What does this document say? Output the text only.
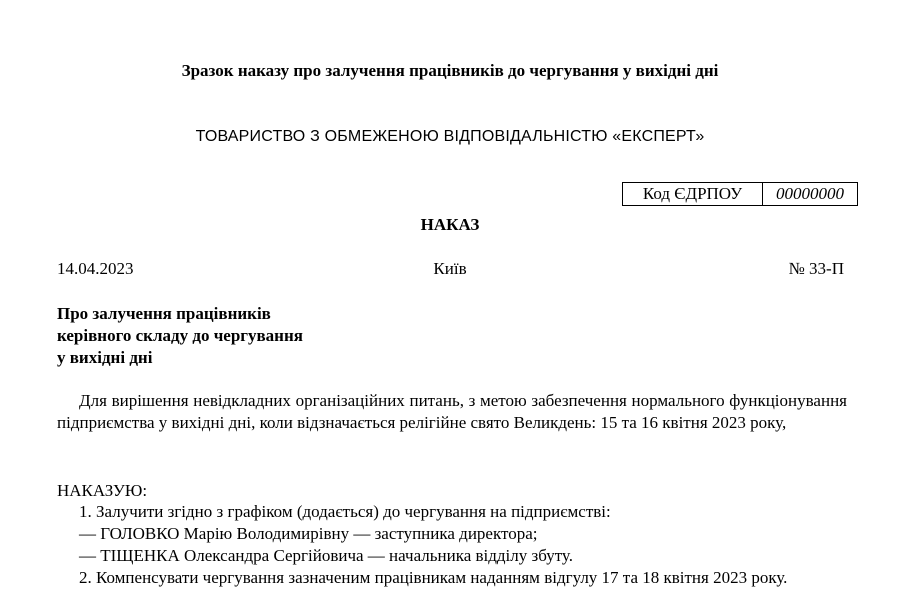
Зразок наказу про залучення працівників до чергування у вихідні дні
ТОВАРИСТВО З ОБМЕЖЕНОЮ ВІДПОВІДАЛЬНІСТЮ «ЕКСПЕРТ»
Код ЄДРПОУ	00000000
НАКАЗ
14.04.2023	Київ	№ 33-П
Про залучення працівників
керівного складу до чергування
у вихідні дні

Для вирішення невідкладних організаційних питань, з метою забезпечення нормального функціонування підприємства у вихідні дні, коли відзначається релігійне свято Великдень: 15 та 16 квітня 2023 року,

НАКАЗУЮ:
1. Залучити згідно з графіком (додається) до чергування на підприємстві:
— ГОЛОВКО Марію Володимирівну — заступника директора;
— ТІЩЕНКА Олександра Сергійовича — начальника відділу збуту.
2. Компенсувати чергування зазначеним працівникам наданням відгулу 17 та 18 квітня 2023 року.
